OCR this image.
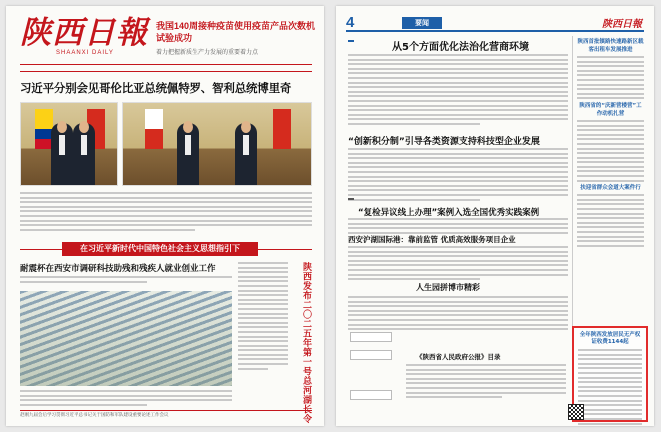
陕西日報
SHAANXI DAILY
我国140周接种疫苗使用疫苗产品次数机试验成功
着力把握新质生产力发展的重要着力点
习近平分别会见哥伦比亚总统佩特罗、智利总统博里奇
在习近平新时代中国特色社会主义思想指引下
耐震杯在西安市调研科技助残和残疾人就业创业工作	陕西发布二〇二五年第一号总河湖长令
赵刚九届会后学习贯彻习近平总书记关于国防和军队建设重要论述工作会议
4	要闻	陕西日報
从5个方面优化法治化营商环境
“创新积分制”引导各类资源支持科技型企业发展
“复检异议线上办理”案例入选全国优秀实践案例
西安沪湖国际港：靠前监管 优质高效服务项目企业
人生园拼博市精彩
《陕西省人民政府公报》目录
陕西首批镇路快速路新区载客出租车发展推进
陕西省的“庆新营楼营”工作动机扎营
扶迎省群众会道大案件行
全年陕西发放居民无产权证收费1144起
